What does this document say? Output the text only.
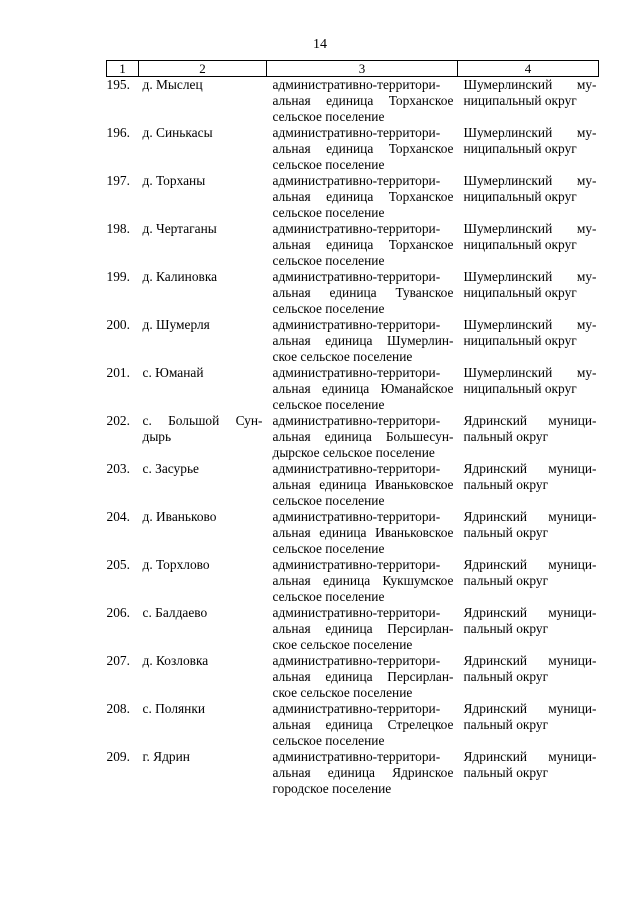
14
1	2	3	4
195.	д. Мыслец	административно-территори-
альная единица Торханское
сельское поселение	Шумерлинский му-
ниципальный округ

196.	д. Синькасы	административно-территори-
альная единица Торханское
сельское поселение	Шумерлинский му-
ниципальный округ

197.	д. Торханы	административно-территори-
альная единица Торханское
сельское поселение	Шумерлинский му-
ниципальный округ

198.	д. Чертаганы	административно-территори-
альная единица Торханское
сельское поселение	Шумерлинский му-
ниципальный округ

199.	д. Калиновка	административно-территори-
альная единица Туванское
сельское поселение	Шумерлинский му-
ниципальный округ

200.	д. Шумерля	административно-территори-
альная единица Шумерлин-
ское сельское поселение	Шумерлинский му-
ниципальный округ

201.	с. Юманай	административно-территори-
альная единица Юманайское
сельское поселение	Шумерлинский му-
ниципальный округ

202.	с. Большой Сун-
дырь	административно-территори-
альная единица Большесун-
дырское сельское поселение	Ядринский муници-
пальный округ

203.	с. Засурье	административно-территори-
альная единица Иваньковское
сельское поселение	Ядринский муници-
пальный округ

204.	д. Иваньково	административно-территори-
альная единица Иваньковское
сельское поселение	Ядринский муници-
пальный округ

205.	д. Торхлово	административно-территори-
альная единица Кукшумское
сельское поселение	Ядринский муници-
пальный округ

206.	с. Балдаево	административно-территори-
альная единица Персирлан-
ское сельское поселение	Ядринский муници-
пальный округ

207.	д. Козловка	административно-территори-
альная единица Персирлан-
ское сельское поселение	Ядринский муници-
пальный округ

208.	с. Полянки	административно-территори-
альная единица Стрелецкое
сельское поселение	Ядринский муници-
пальный округ

209.	г. Ядрин	административно-территори-
альная единица Ядринское
городское поселение	Ядринский муници-
пальный округ
